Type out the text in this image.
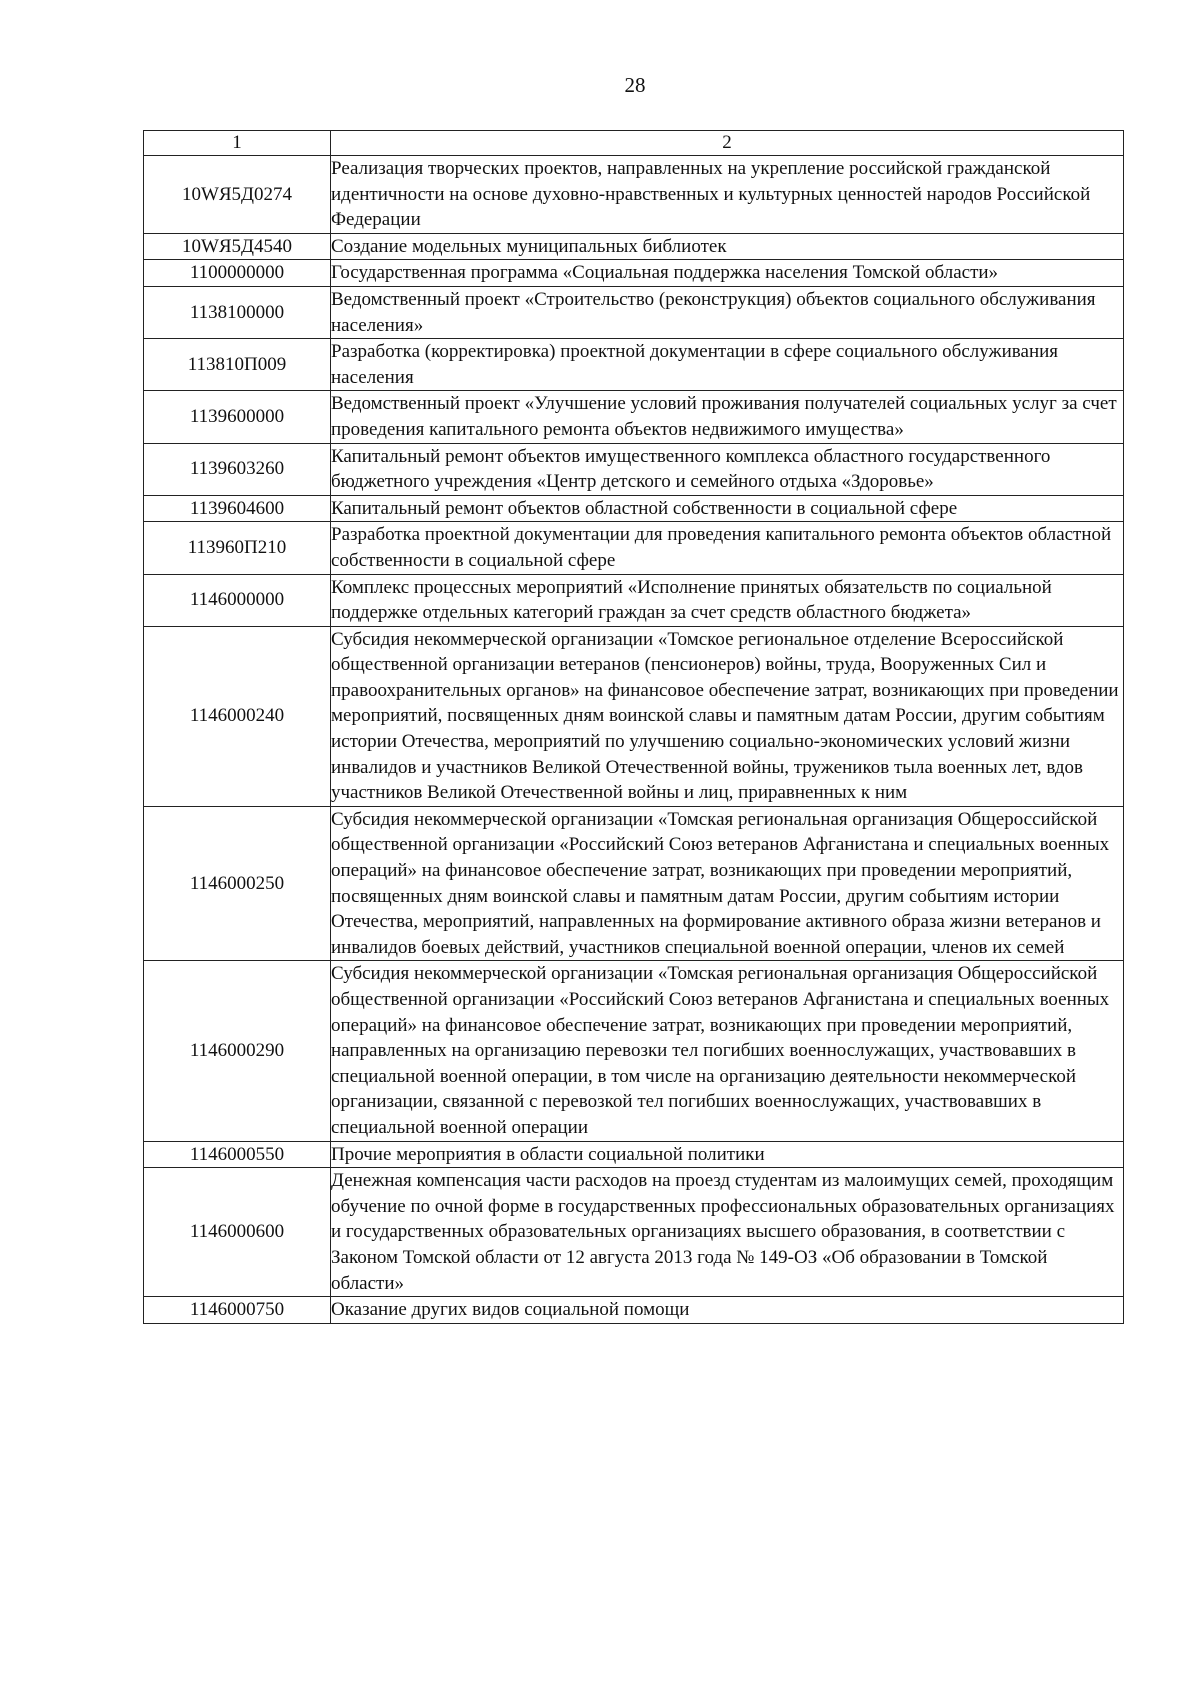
28
1	2
10WЯ5Д0274	Реализация творческих проектов, направленных на укрепление российской гражданской идентичности на основе духовно-нравственных и культурных ценностей народов Российской Федерации
10WЯ5Д4540	Создание модельных муниципальных библиотек
1100000000	Государственная программа «Социальная поддержка населения Томской области»
1138100000	Ведомственный проект «Строительство (реконструкция) объектов социального обслуживания населения»
113810П009	Разработка (корректировка) проектной документации в сфере социального обслуживания населения
1139600000	Ведомственный проект «Улучшение условий проживания получателей социальных услуг за счет проведения капитального ремонта объектов недвижимого имущества»
1139603260	Капитальный ремонт объектов имущественного комплекса областного государственного бюджетного учреждения «Центр детского и семейного отдыха «Здоровье»
1139604600	Капитальный ремонт объектов областной собственности в социальной сфере
113960П210	Разработка проектной документации для проведения капитального ремонта объектов областной собственности в социальной сфере
1146000000	Комплекс процессных мероприятий «Исполнение принятых обязательств по социальной поддержке отдельных категорий граждан за счет средств областного бюджета»
1146000240	Субсидия некоммерческой организации «Томское региональное отделение Всероссийской общественной организации ветеранов (пенсионеров) войны, труда, Вооруженных Сил и правоохранительных органов» на финансовое обеспечение затрат, возникающих при проведении мероприятий, посвященных дням воинской славы и памятным датам России, другим событиям истории Отечества, мероприятий по улучшению социально-экономических условий жизни инвалидов и участников Великой Отечественной войны, тружеников тыла военных лет, вдов участников Великой Отечественной войны и лиц, приравненных к ним
1146000250	Субсидия некоммерческой организации «Томская региональная организация Общероссийской общественной организации «Российский Союз ветеранов Афганистана и специальных военных операций» на финансовое обеспечение затрат, возникающих при проведении мероприятий, посвященных дням воинской славы и памятным датам России, другим событиям истории Отечества, мероприятий, направленных на формирование активного образа жизни ветеранов и инвалидов боевых действий, участников специальной военной операции, членов их семей
1146000290	Субсидия некоммерческой организации «Томская региональная организация Общероссийской общественной организации «Российский Союз ветеранов Афганистана и специальных военных операций» на финансовое обеспечение затрат, возникающих при проведении мероприятий, направленных на организацию перевозки тел погибших военнослужащих, участвовавших в специальной военной операции, в том числе на организацию деятельности некоммерческой организации, связанной с перевозкой тел погибших военнослужащих, участвовавших в специальной военной операции
1146000550	Прочие мероприятия в области социальной политики
1146000600	Денежная компенсация части расходов на проезд студентам из малоимущих семей, проходящим обучение по очной форме в государственных профессиональных образовательных организациях и государственных образовательных организациях высшего образования, в соответствии с Законом Томской области от 12 августа 2013 года № 149-ОЗ «Об образовании в Томской области»
1146000750	Оказание других видов социальной помощи
